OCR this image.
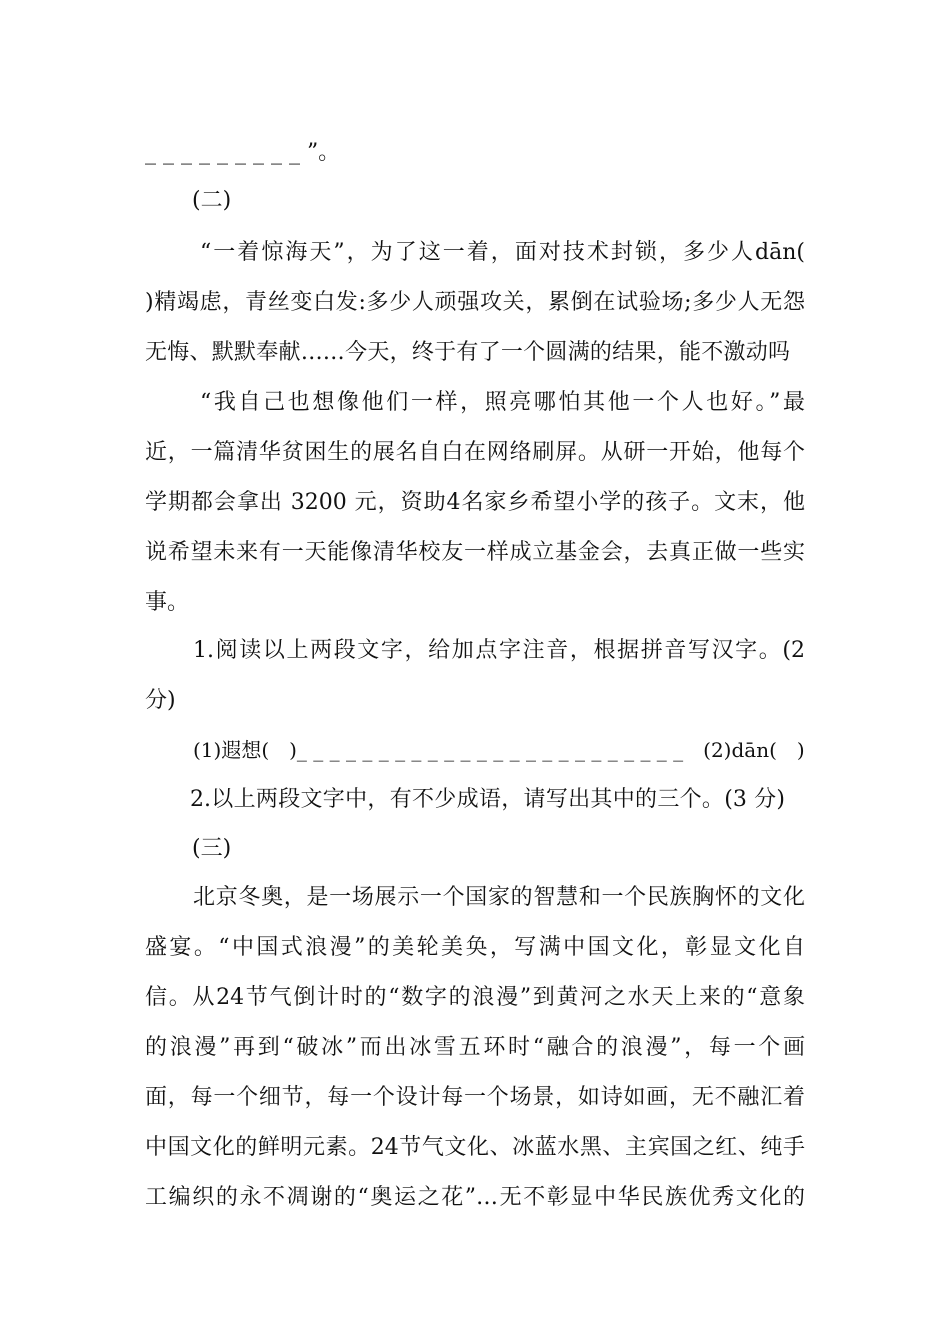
_ _ _ _ _ _ _ _ _ ”。
(二)
“一着惊海天”，为了这一着，面对技术封锁，多少人dān(
)精竭虑，青丝变白发:多少人顽强攻关，累倒在试验场;多少人无怨
无悔、默默奉献……今天，终于有了一个圆满的结果，能不激动吗
“我自己也想像他们一样，照亮哪怕其他一个人也好。”最
近，一篇清华贫困生的展名自白在网络刷屏。从研一开始，他每个
学期都会拿出 3200 元，资助4名家乡希望小学的孩子。文末，他
说希望未来有一天能像清华校友一样成立基金会，去真正做一些实
事。
1.阅读以上两段文字，给加点字注音，根据拼音写汉字。(2
分)
(1)遐想(　)_ _ _ _ _ _ _ _ _ _ _ _ _ _ _ _ _ _ _ _ _ _ _ _　(2)dān(　)
2.以上两段文字中，有不少成语，请写出其中的三个。(3 分)
(三)
北京冬奥，是一场展示一个国家的智慧和一个民族胸怀的文化
盛宴。“中国式浪漫”的美轮美奂，写满中国文化，彰显文化自
信。从24节气倒计时的“数字的浪漫”到黄河之水天上来的“意象
的浪漫”再到“破冰”而出冰雪五环时“融合的浪漫”，每一个画
面，每一个细节，每一个设计每一个场景，如诗如画，无不融汇着
中国文化的鲜明元素。24节气文化、冰蓝水黑、主宾国之红、纯手
工编织的永不凋谢的“奥运之花”…无不彰显中华民族优秀文化的
